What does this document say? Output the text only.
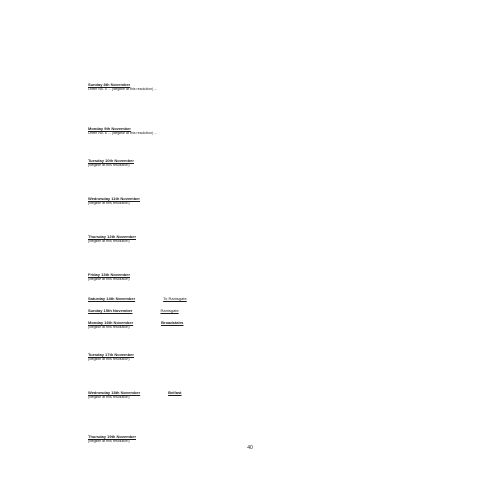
Sunday 8th November
Letter No. 5 ... (illegible at this resolution) ...
Monday 9th November
Letter No. 6 ... (illegible at this resolution) ...
Tuesday 10th November
(illegible at this resolution)
Wednesday 11th November
(illegible at this resolution)
Thursday 12th November
(illegible at this resolution)
Friday 13th November
(illegible at this resolution)
Saturday 14th November	To Ramsgate
Sunday 15th November	Ramsgate
Monday 16th November	Broadstairs
(illegible at this resolution)
Tuesday 17th November
(illegible at this resolution)
Wednesday 18th November	Belfast
(illegible at this resolution)
Thursday 19th November
(illegible at this resolution)
40
